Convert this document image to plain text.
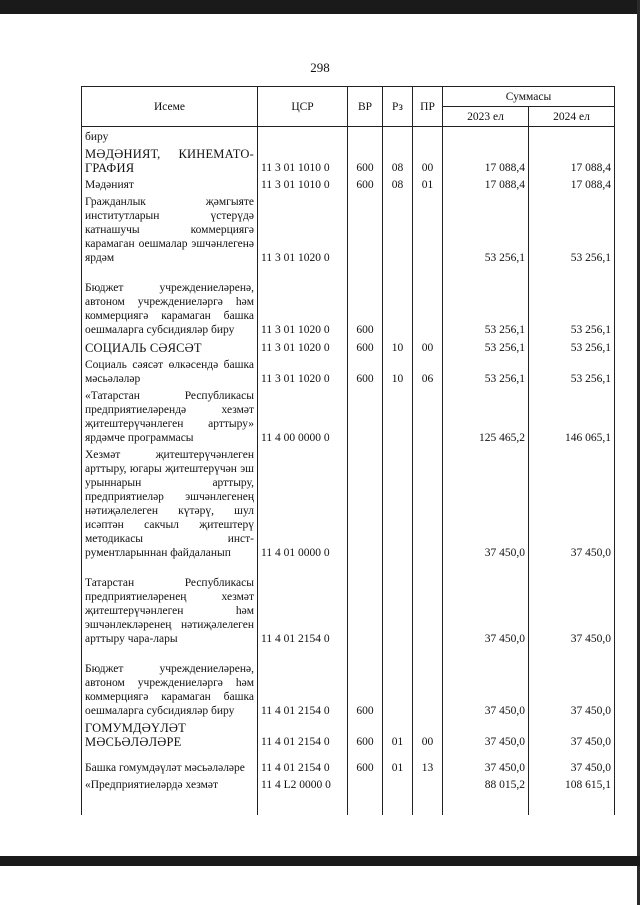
298
Исеме	ЦСР	ВР	Рз	ПР	Суммасы	
					2023 ел	2024 ел
биру						
МӘДӘНИЯТ, КИНЕМАТО-ГРАФИЯ	11 3 01 1010 0	600	08	00	17 088,4	17 088,4
Мәдәният	11 3 01 1010 0	600	08	01	17 088,4	17 088,4
Гражданлык җәмгыяте институтларын үстерүдә катнашучы коммерциягә карамаган оешмалар эшчәнлегенә ярдәм	11 3 01 1020 0				53 256,1	53 256,1
Бюджет учреждениеләренә, автоном учреждениеләргә һәм коммерциягә карамаган башка оешмаларга субсидияләр биру	11 3 01 1020 0	600			53 256,1	53 256,1
СОЦИАЛЬ СӘЯСӘТ	11 3 01 1020 0	600	10	00	53 256,1	53 256,1
Социаль сәясәт өлкәсендә башка мәсьәләләр	11 3 01 1020 0	600	10	06	53 256,1	53 256,1
«Татарстан Республикасы предприятиеләрендә хезмәт җитештерүчәнлеген арттыру» ярдәмче программасы	11 4 00 0000 0				125 465,2	146 065,1
Хезмәт җитештерүчәнлеген арттыру, югары җитештерүчән эш урыннарын арттыру, предприятиеләр эшчәнлегенең нәтиҗәлелеген күтәрү, шул исәптән сакчыл җитештерү методикасы инст-рументларыннан файдаланып	11 4 01 0000 0				37 450,0	37 450,0
Татарстан Республикасы предприятиеләренең хезмәт җитештерүчәнлеген һәм эшчәнлекләренең нәтиҗәлелеген арттыру чара-лары	11 4 01 2154 0				37 450,0	37 450,0
Бюджет учреждениеләренә, автоном учреждениеләргә һәм коммерциягә карамаган башка оешмаларга субсидияләр биру	11 4 01 2154 0	600			37 450,0	37 450,0
ГОМУМДӘҮЛӘТ МӘСЬӘЛӘЛӘРЕ	11 4 01 2154 0	600	01	00	37 450,0	37 450,0
Башка гомумдәүләт мәсьәләләре	11 4 01 2154 0	600	01	13	37 450,0	37 450,0
«Предприятиеләрдә хезмәт	11 4 L2 0000 0				88 015,2	108 615,1
